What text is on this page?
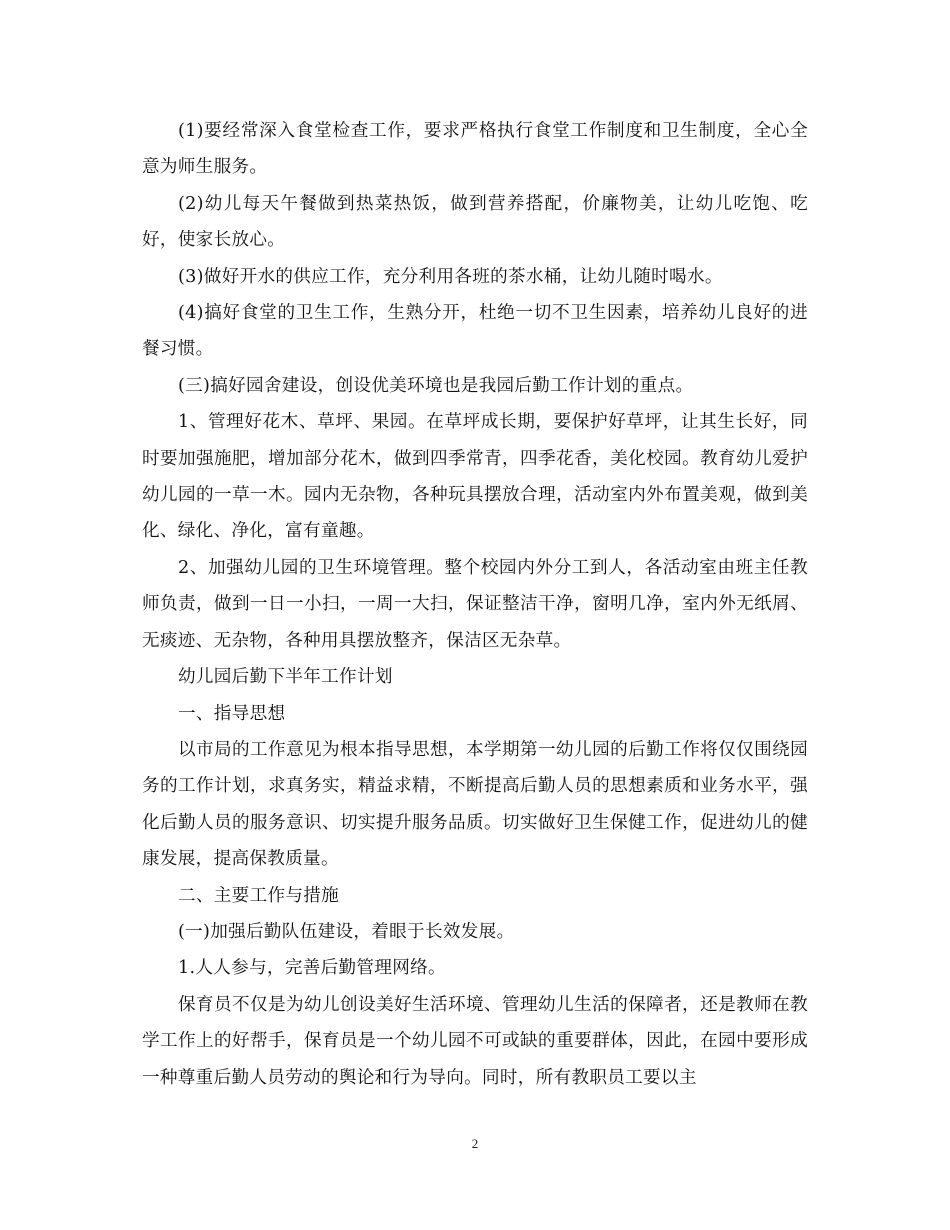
(1)要经常深入食堂检查工作，要求严格执行食堂工作制度和卫生制度，全心全意为师生服务。

(2)幼儿每天午餐做到热菜热饭，做到营养搭配，价廉物美，让幼儿吃饱、吃好，使家长放心。

(3)做好开水的供应工作，充分利用各班的茶水桶，让幼儿随时喝水。

(4)搞好食堂的卫生工作，生熟分开，杜绝一切不卫生因素，培养幼儿良好的进餐习惯。

(三)搞好园舍建设，创设优美环境也是我园后勤工作计划的重点。

1、管理好花木、草坪、果园。在草坪成长期，要保护好草坪，让其生长好，同时要加强施肥，增加部分花木，做到四季常青，四季花香，美化校园。教育幼儿爱护幼儿园的一草一木。园内无杂物，各种玩具摆放合理，活动室内外布置美观，做到美化、绿化、净化，富有童趣。

2、加强幼儿园的卫生环境管理。整个校园内外分工到人，各活动室由班主任教师负责，做到一日一小扫，一周一大扫，保证整洁干净，窗明几净，室内外无纸屑、无痰迹、无杂物，各种用具摆放整齐，保洁区无杂草。

幼儿园后勤下半年工作计划

一、指导思想

以市局的工作意见为根本指导思想，本学期第一幼儿园的后勤工作将仅仅围绕园务的工作计划，求真务实，精益求精，不断提高后勤人员的思想素质和业务水平，强化后勤人员的服务意识、切实提升服务品质。切实做好卫生保健工作，促进幼儿的健康发展，提高保教质量。

二、主要工作与措施

(一)加强后勤队伍建设，着眼于长效发展。

1.人人参与，完善后勤管理网络。

保育员不仅是为幼儿创设美好生活环境、管理幼儿生活的保障者，还是教师在教学工作上的好帮手，保育员是一个幼儿园不可或缺的重要群体，因此，在园中要形成一种尊重后勤人员劳动的舆论和行为导向。同时，所有教职员工要以主

2
